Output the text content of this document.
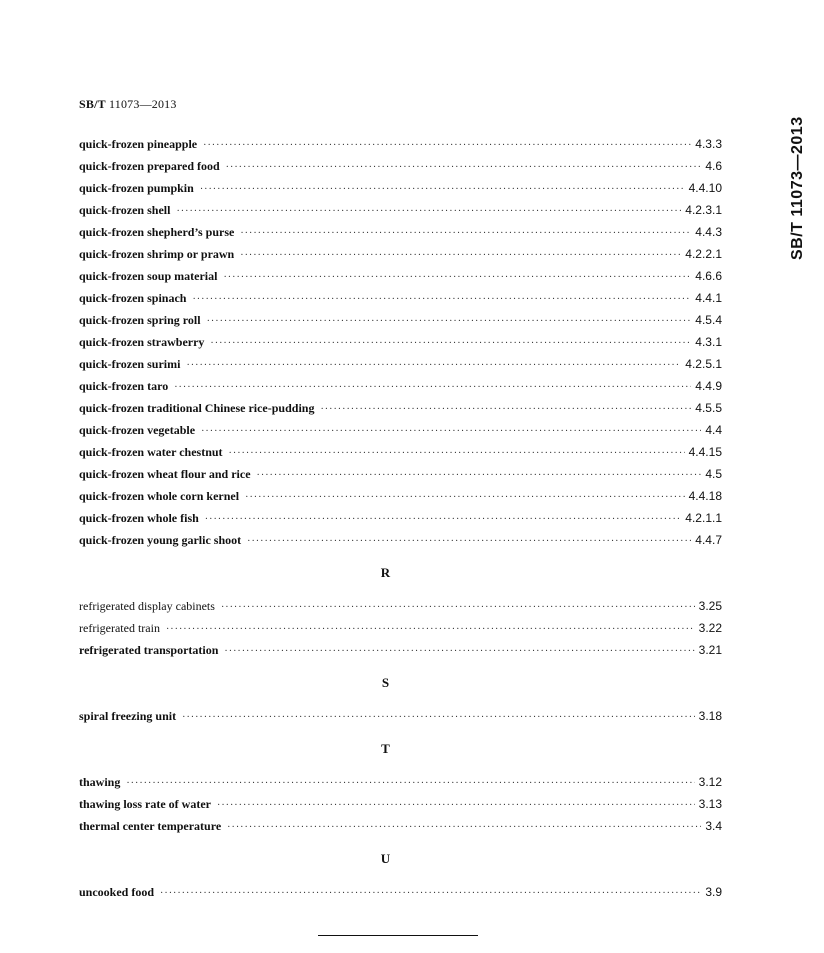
SB/T 11073—2013
SB/T 11073—2013
quick-frozen pineapple ·····	4.3.3
quick-frozen prepared food ·····	4.6
quick-frozen pumpkin ·····	4.4.10
quick-frozen shell ·····	4.2.3.1
quick-frozen shepherd’s purse ·····	4.4.3
quick-frozen shrimp or prawn ·····	4.2.2.1
quick-frozen soup material ·····	4.6.6
quick-frozen spinach ·····	4.4.1
quick-frozen spring roll ·····	4.5.4
quick-frozen strawberry ·····	4.3.1
quick-frozen surimi ·····	4.2.5.1
quick-frozen taro ·····	4.4.9
quick-frozen traditional Chinese rice-pudding ·····	4.5.5
quick-frozen vegetable ·····	4.4
quick-frozen water chestnut ·····	4.4.15
quick-frozen wheat flour and rice ·····	4.5
quick-frozen whole corn kernel ·····	4.4.18
quick-frozen whole fish ·····	4.2.1.1
quick-frozen young garlic shoot ·····	4.4.7
R
refrigerated display cabinets ·····	3.25
refrigerated train ·····	3.22
refrigerated transportation ·····	3.21
S
spiral freezing unit ·····	3.18
T
thawing ·····	3.12
thawing loss rate of water ·····	3.13
thermal center temperature ·····	3.4
U
uncooked food ·····	3.9
